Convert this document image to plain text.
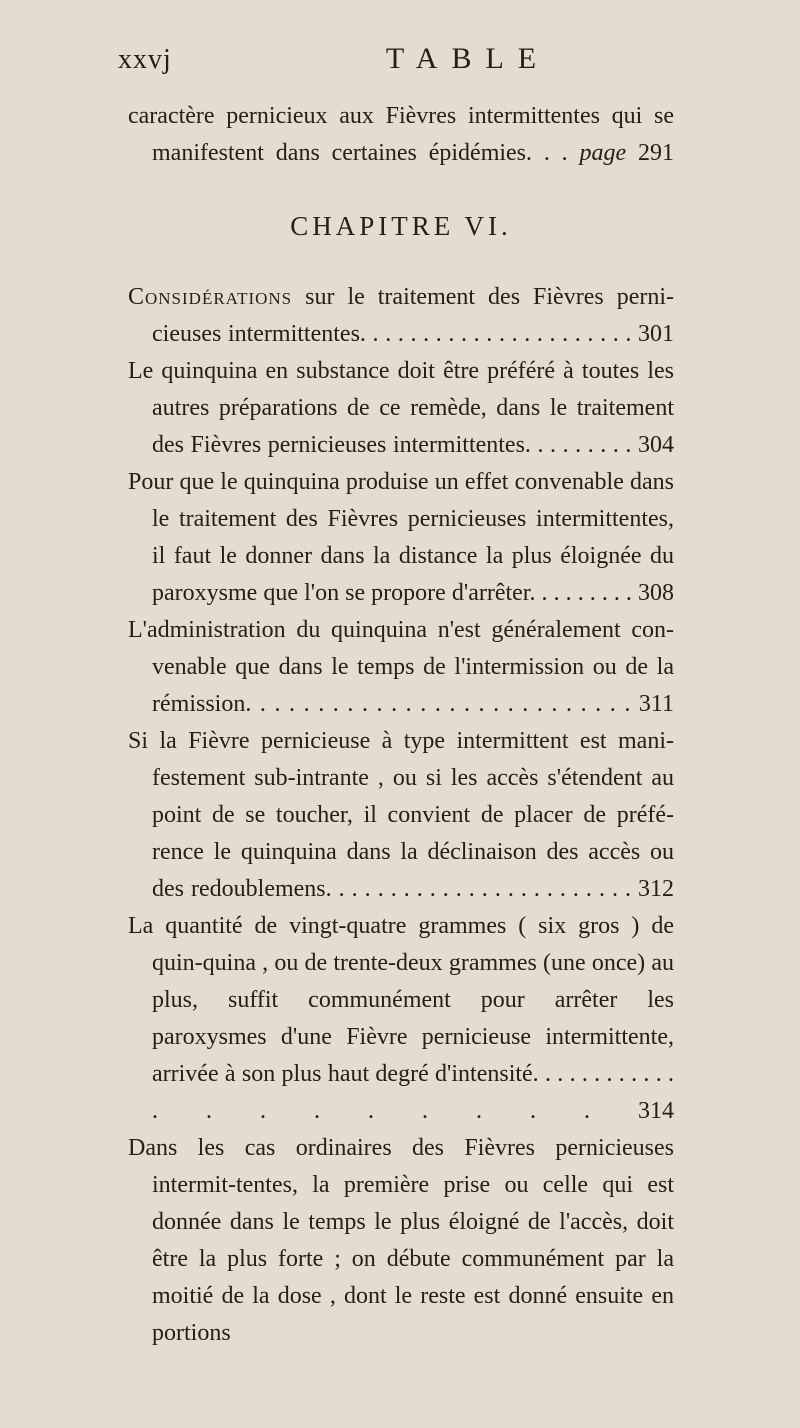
xxvj	TABLE

caractère pernicieux aux Fièvres intermittentes qui se manifestent dans certaines épidémies. . . page 291

CHAPITRE VI.

Considérations sur le traitement des Fièvres perni-cieuses intermittentes. . . . . . . . . . . . . . . . . . . . . . 301

Le quinquina en substance doit être préféré à toutes les autres préparations de ce remède, dans le traitement des Fièvres pernicieuses intermittentes. . . . . . . . . 304

Pour que le quinquina produise un effet convenable dans le traitement des Fièvres pernicieuses intermittentes, il faut le donner dans la distance la plus éloignée du paroxysme que l'on se propore d'arrêter. . . . . . . . . 308

L'administration du quinquina n'est généralement con-venable que dans le temps de l'intermission ou de la rémission. . . . . . . . . . . . . . . . . . . . . . . . . . . 311

Si la Fièvre pernicieuse à type intermittent est mani-festement sub-intrante , ou si les accès s'étendent au point de se toucher, il convient de placer de préfé-rence le quinquina dans la déclinaison des accès ou des redoublemens. . . . . . . . . . . . . . . . . . . . . . . . 312

La quantité de vingt-quatre grammes ( six gros ) de quin-quina , ou de trente-deux grammes (une once) au plus, suffit communément pour arrêter les paroxysmes d'une Fièvre pernicieuse intermittente, arrivée à son plus haut degré d'intensité. . . . . . . . . . . . . . . . . . . . . 314

Dans les cas ordinaires des Fièvres pernicieuses intermit-tentes, la première prise ou celle qui est donnée dans le temps le plus éloigné de l'accès, doit être la plus forte ; on débute communément par la moitié de la dose , dont le reste est donné ensuite en portions
